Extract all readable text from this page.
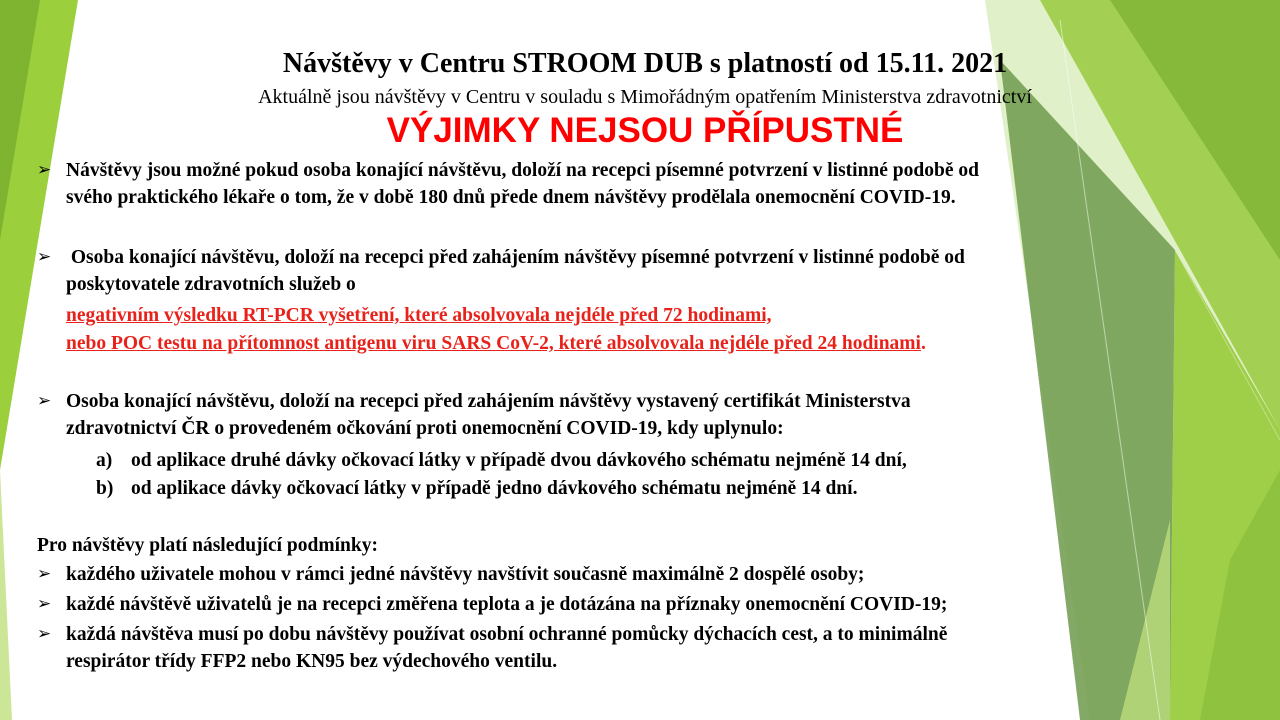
Návštěvy v Centru STROOM DUB s platností od 15.11. 2021
Aktuálně jsou návštěvy v Centru v souladu s Mimořádným opatřením Ministerstva zdravotnictví
VÝJIMKY NEJSOU PŘÍPUSTNÉ
➢ Návštěvy jsou možné pokud osoba konající návštěvu, doloží na recepci písemné potvrzení v listinné podobě od
svého praktického lékaře o tom, že v době 180 dnů přede dnem návštěvy prodělala onemocnění COVID-19.
➢ Osoba konající návštěvu, doloží na recepci před zahájením návštěvy písemné potvrzení v listinné podobě od
poskytovatele zdravotních služeb o
negativním výsledku RT-PCR vyšetření, které absolvovala nejdéle před 72 hodinami,
nebo POC testu na přítomnost antigenu viru SARS CoV-2, které absolvovala nejdéle před 24 hodinami.
➢ Osoba konající návštěvu, doloží na recepci před zahájením návštěvy vystavený certifikát Ministerstva
zdravotnictví ČR o provedeném očkování proti onemocnění COVID-19, kdy uplynulo:
a) od aplikace druhé dávky očkovací látky v případě dvou dávkového schématu nejméně 14 dní,
b) od aplikace dávky očkovací látky v případě jedno dávkového schématu nejméně 14 dní.
Pro návštěvy platí následující podmínky:
➢ každého uživatele mohou v rámci jedné návštěvy navštívit současně maximálně 2 dospělé osoby;
➢ každé návštěvě uživatelů je na recepci změřena teplota a je dotázána na příznaky onemocnění COVID-19;
➢ každá návštěva musí po dobu návštěvy používat osobní ochranné pomůcky dýchacích cest, a to minimálně
respirátor třídy FFP2 nebo KN95 bez výdechového ventilu.
